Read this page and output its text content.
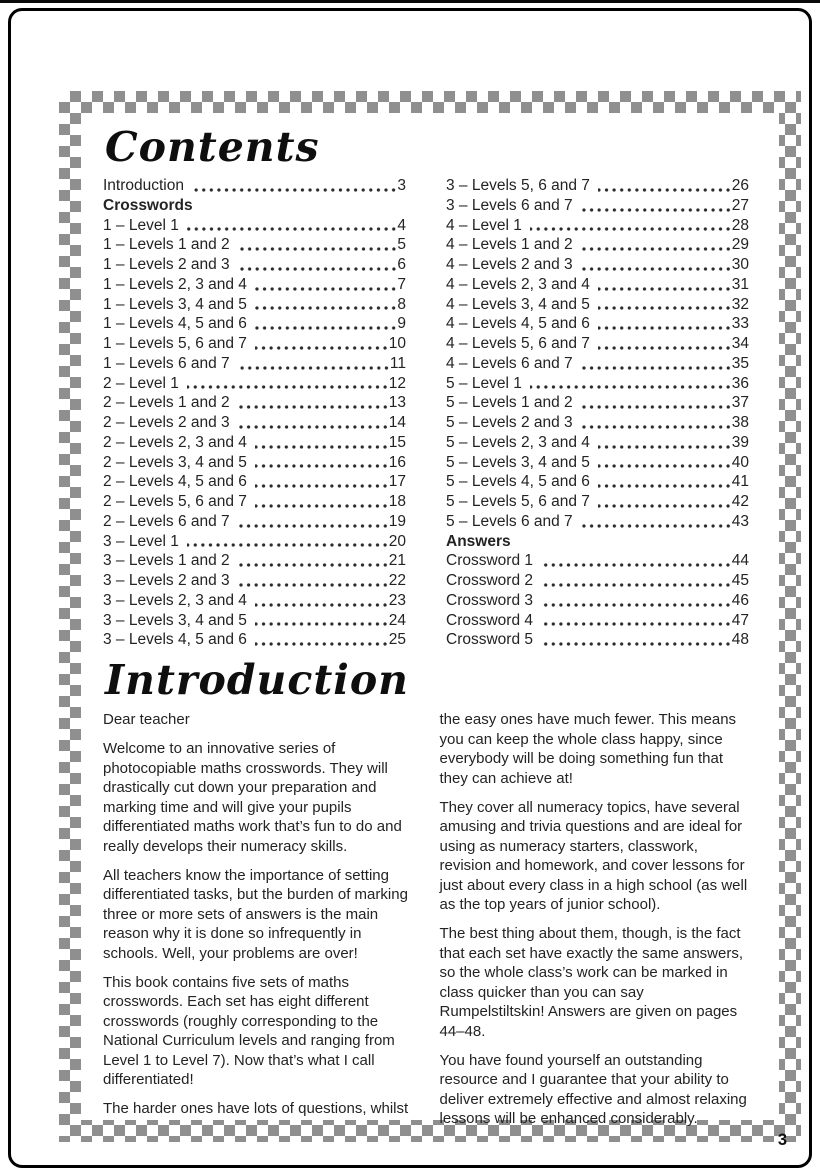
Contents
Introduction	3
Crosswords
1 – Level 1	4
1 – Levels 1 and 2	5
1 – Levels 2 and 3	6
1 – Levels 2, 3 and 4	7
1 – Levels 3, 4 and 5	8
1 – Levels 4, 5 and 6	9
1 – Levels 5, 6 and 7	10
1 – Levels 6 and 7	11
2 – Level 1	12
2 – Levels 1 and 2	13
2 – Levels 2 and 3	14
2 – Levels 2, 3 and 4	15
2 – Levels 3, 4 and 5	16
2 – Levels 4, 5 and 6	17
2 – Levels 5, 6 and 7	18
2 – Levels 6 and 7	19
3 – Level 1	20
3 – Levels 1 and 2	21
3 – Levels 2 and 3	22
3 – Levels 2, 3 and 4	23
3 – Levels 3, 4 and 5	24
3 – Levels 4, 5 and 6	25
3 – Levels 5, 6 and 7	26
3 – Levels 6 and 7	27
4 – Level 1	28
4 – Levels 1 and 2	29
4 – Levels 2 and 3	30
4 – Levels 2, 3 and 4	31
4 – Levels 3, 4 and 5	32
4 – Levels 4, 5 and 6	33
4 – Levels 5, 6 and 7	34
4 – Levels 6 and 7	35
5 – Level 1	36
5 – Levels 1 and 2	37
5 – Levels 2 and 3	38
5 – Levels 2, 3 and 4	39
5 – Levels 3, 4 and 5	40
5 – Levels 4, 5 and 6	41
5 – Levels 5, 6 and 7	42
5 – Levels 6 and 7	43
Answers
Crossword 1	44
Crossword 2	45
Crossword 3	46
Crossword 4	47
Crossword 5	48
Introduction

Dear teacher

Welcome to an innovative series of photocopiable maths crosswords. They will drastically cut down your preparation and marking time and will give your pupils differentiated maths work that’s fun to do and really develops their numeracy skills.

All teachers know the importance of setting differentiated tasks, but the burden of marking three or more sets of answers is the main reason why it is done so infrequently in schools. Well, your problems are over!

This book contains five sets of maths crosswords. Each set has eight different crosswords (roughly corresponding to the National Curriculum levels and ranging from Level 1 to Level 7). Now that’s what I call differentiated!

The harder ones have lots of questions, whilst

the easy ones have much fewer. This means you can keep the whole class happy, since everybody will be doing something fun that they can achieve at!

They cover all numeracy topics, have several amusing and trivia questions and are ideal for using as numeracy starters, classwork, revision and homework, and cover lessons for just about every class in a high school (as well as the top years of junior school).

The best thing about them, though, is the fact that each set have exactly the same answers, so the whole class’s work can be marked in class quicker than you can say Rumpelstiltskin! Answers are given on pages 44–48.

You have found yourself an outstanding resource and I guarantee that your ability to deliver extremely effective and almost relaxing lessons will be enhanced considerably.

3
